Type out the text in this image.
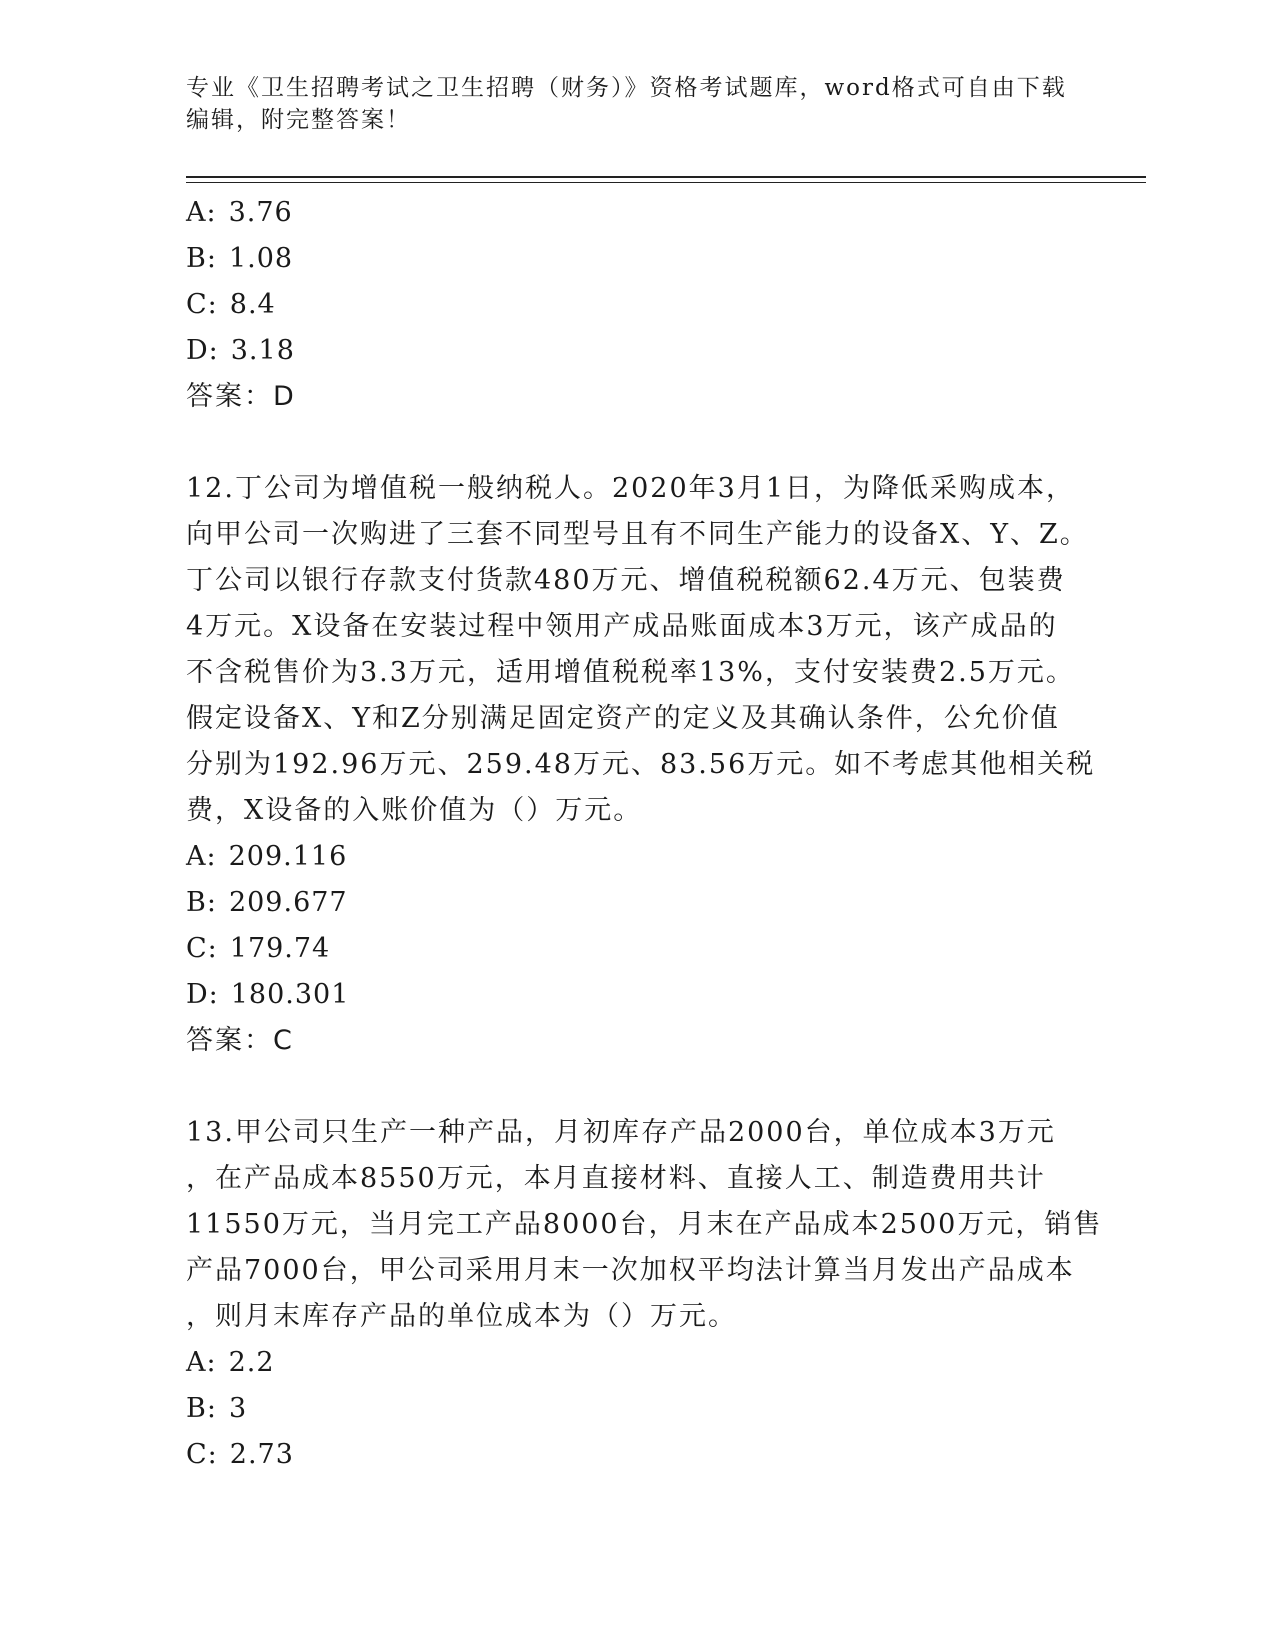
专业《卫生招聘考试之卫生招聘（财务）》资格考试题库，word格式可自由下载
编辑，附完整答案！
A: 3.76
B: 1.08
C: 8.4
D: 3.18
答案：D
12.丁公司为增值税一般纳税人。2020年3月1日，为降低采购成本，
向甲公司一次购进了三套不同型号且有不同生产能力的设备X、Y、Z。
丁公司以银行存款支付货款480万元、增值税税额62.4万元、包装费
4万元。X设备在安装过程中领用产成品账面成本3万元，该产成品的
不含税售价为3.3万元，适用增值税税率13%，支付安装费2.5万元。
假定设备X、Y和Z分别满足固定资产的定义及其确认条件，公允价值
分别为192.96万元、259.48万元、83.56万元。如不考虑其他相关税
费，X设备的入账价值为（）万元。
A: 209.116
B: 209.677
C: 179.74
D: 180.301
答案：C
13.甲公司只生产一种产品，月初库存产品2000台，单位成本3万元
，在产品成本8550万元，本月直接材料、直接人工、制造费用共计
11550万元，当月完工产品8000台，月末在产品成本2500万元，销售
产品7000台，甲公司采用月末一次加权平均法计算当月发出产品成本
，则月末库存产品的单位成本为（）万元。
A: 2.2
B: 3
C: 2.73
